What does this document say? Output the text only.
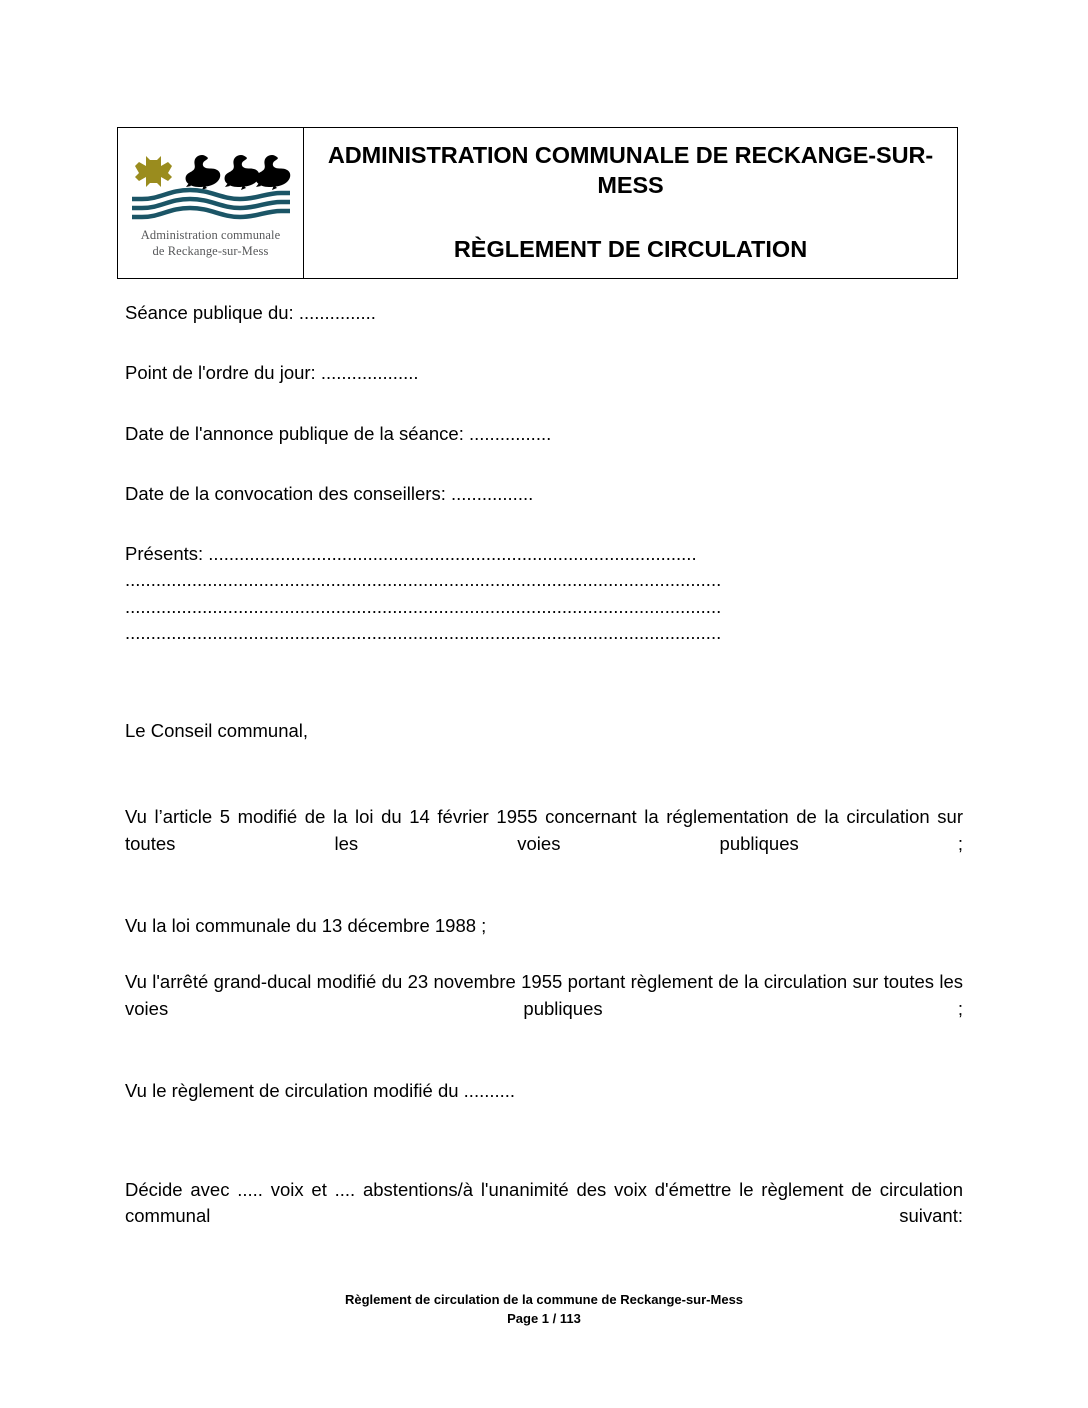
Administration communale
de Reckange-sur-Mess
ADMINISTRATION COMMUNALE DE RECKANGE-SUR-MESS
RÈGLEMENT DE CIRCULATION

Séance publique du: ...............

Point de l'ordre du jour: ...................

Date de l'annonce publique de la séance: ................

Date de la convocation des conseillers: ................

Présents: ...............................................................................................

....................................................................................................................

....................................................................................................................

....................................................................................................................

Le Conseil communal,

Vu l’article 5 modifié de la loi du 14 février 1955 concernant la réglementation de la circulation sur toutes les voies publiques ;

Vu la loi communale du 13 décembre 1988 ;

Vu l'arrêté grand-ducal modifié du 23 novembre 1955 portant règlement de la circulation sur toutes les voies publiques ;

Vu le règlement de circulation modifié du ..........

Décide avec ..... voix et .... abstentions/à l'unanimité des voix d'émettre le règlement de circulation communal suivant:

Règlement de circulation de la commune de Reckange-sur-Mess
Page 1 / 113
